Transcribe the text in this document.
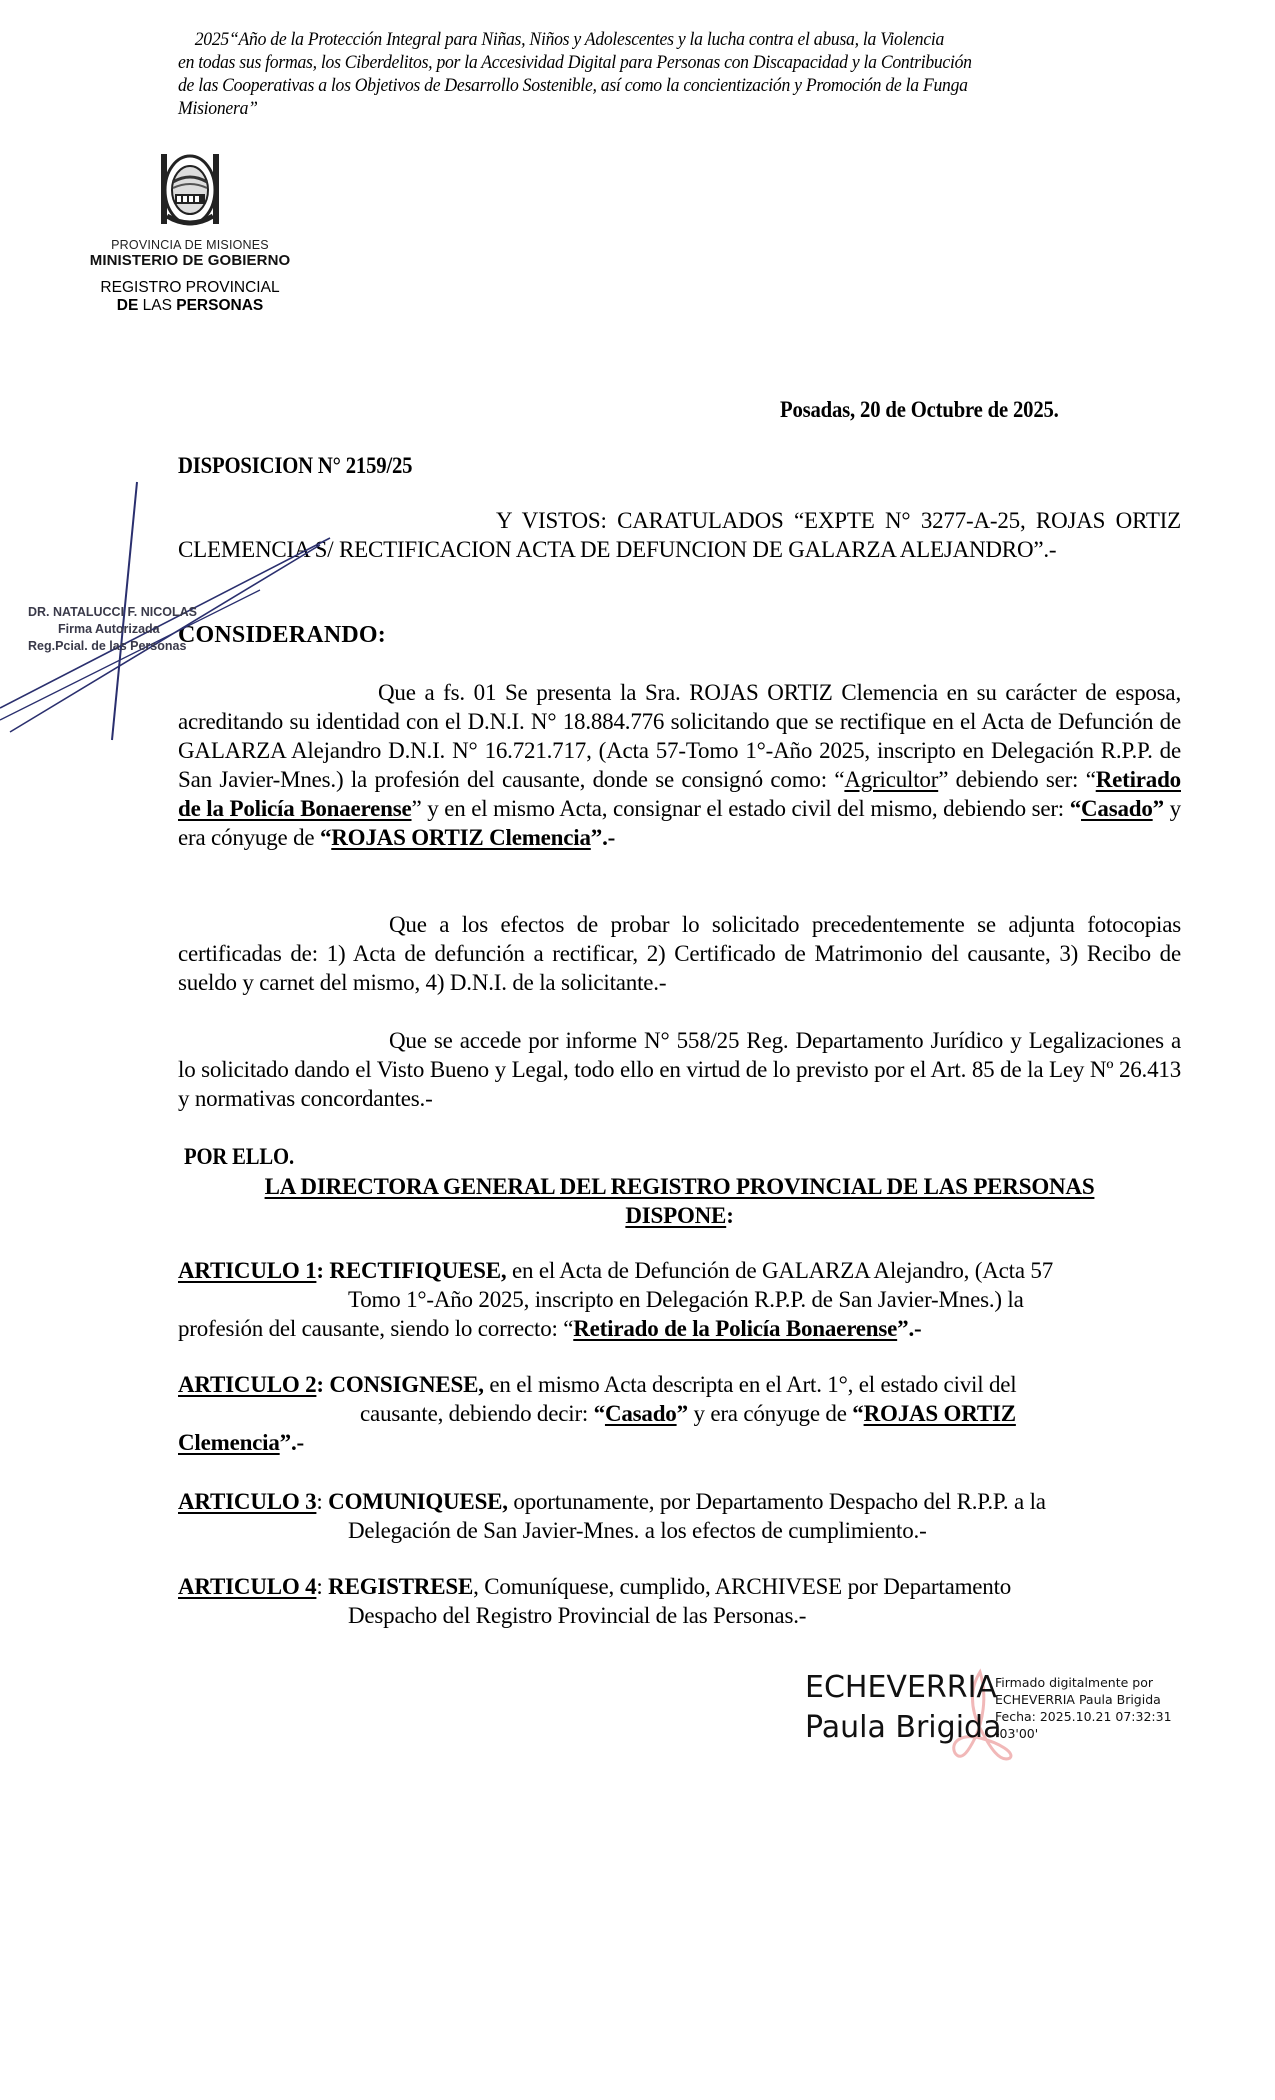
2025“Año de la Protección Integral para Niñas, Niños y Adolescentes y la lucha contra el abusa, la Violencia

en todas sus formas, los Ciberdelitos, por la Accesividad Digital para Personas con Discapacidad y la Contribución

de las Cooperativas a los Objetivos de Desarrollo Sostenible, así como la concientización y Promoción de la Funga

Misionera”

PROVINCIA DE MISIONES
MINISTERIO DE GOBIERNO
REGISTRO PROVINCIAL
DE LAS PERSONAS
Posadas, 20 de Octubre de 2025.
DISPOSICION N° 2159/25
Y VISTOS: CARATULADOS “EXPTE N° 3277-A-25, ROJAS ORTIZ CLEMENCIA S/ RECTIFICACION ACTA DE DEFUNCION DE GALARZA ALEJANDRO”.-
CONSIDERANDO:
Que a fs. 01 Se presenta la Sra. ROJAS ORTIZ Clemencia en su carácter de esposa, acreditando su identidad con el D.N.I. N° 18.884.776 solicitando que se rectifique en el Acta de Defunción de GALARZA Alejandro D.N.I. N° 16.721.717, (Acta 57-Tomo 1°-Año 2025, inscripto en Delegación R.P.P. de San Javier-Mnes.) la profesión del causante, donde se consignó como: “Agricultor” debiendo ser: “Retirado de la Policía Bonaerense” y en el mismo Acta, consignar el estado civil del mismo, debiendo ser: “Casado” y era cónyuge de “ROJAS ORTIZ Clemencia”.-
Que a los efectos de probar lo solicitado precedentemente se adjunta fotocopias certificadas de: 1) Acta de defunción a rectificar, 2) Certificado de Matrimonio del causante, 3) Recibo de sueldo y carnet del mismo, 4) D.N.I. de la solicitante.-
Que se accede por informe N° 558/25 Reg. Departamento Jurídico y Legalizaciones a lo solicitado dando el Visto Bueno y Legal, todo ello en virtud de lo previsto por el Art. 85 de la Ley Nº 26.413 y normativas concordantes.-
POR ELLO.
LA DIRECTORA GENERAL DEL REGISTRO PROVINCIAL DE LAS PERSONAS
DISPONE:
ARTICULO 1: RECTIFIQUESE, en el Acta de Defunción de GALARZA Alejandro, (Acta 57
Tomo 1°-Año 2025, inscripto en Delegación R.P.P. de San Javier-Mnes.) la
profesión del causante, siendo lo correcto: “Retirado de la Policía Bonaerense”.-
ARTICULO 2: CONSIGNESE, en el mismo Acta descripta en el Art. 1°, el estado civil del
causante, debiendo decir: “Casado” y era cónyuge de “ROJAS ORTIZ
Clemencia”.-
ARTICULO 3: COMUNIQUESE, oportunamente, por Departamento Despacho del R.P.P. a la
Delegación de San Javier-Mnes. a los efectos de cumplimiento.-
ARTICULO 4: REGISTRESE, Comuníquese, cumplido, ARCHIVESE por Departamento
Despacho del Registro Provincial de las Personas.-
ECHEVERRIA
Paula Brigida
Firmado digitalmente por
ECHEVERRIA Paula Brigida
Fecha: 2025.10.21 07:32:31
-03'00'
DR. NATALUCCI F. NICOLAS
Firma Autorizada
Reg.Pcial. de las Personas
